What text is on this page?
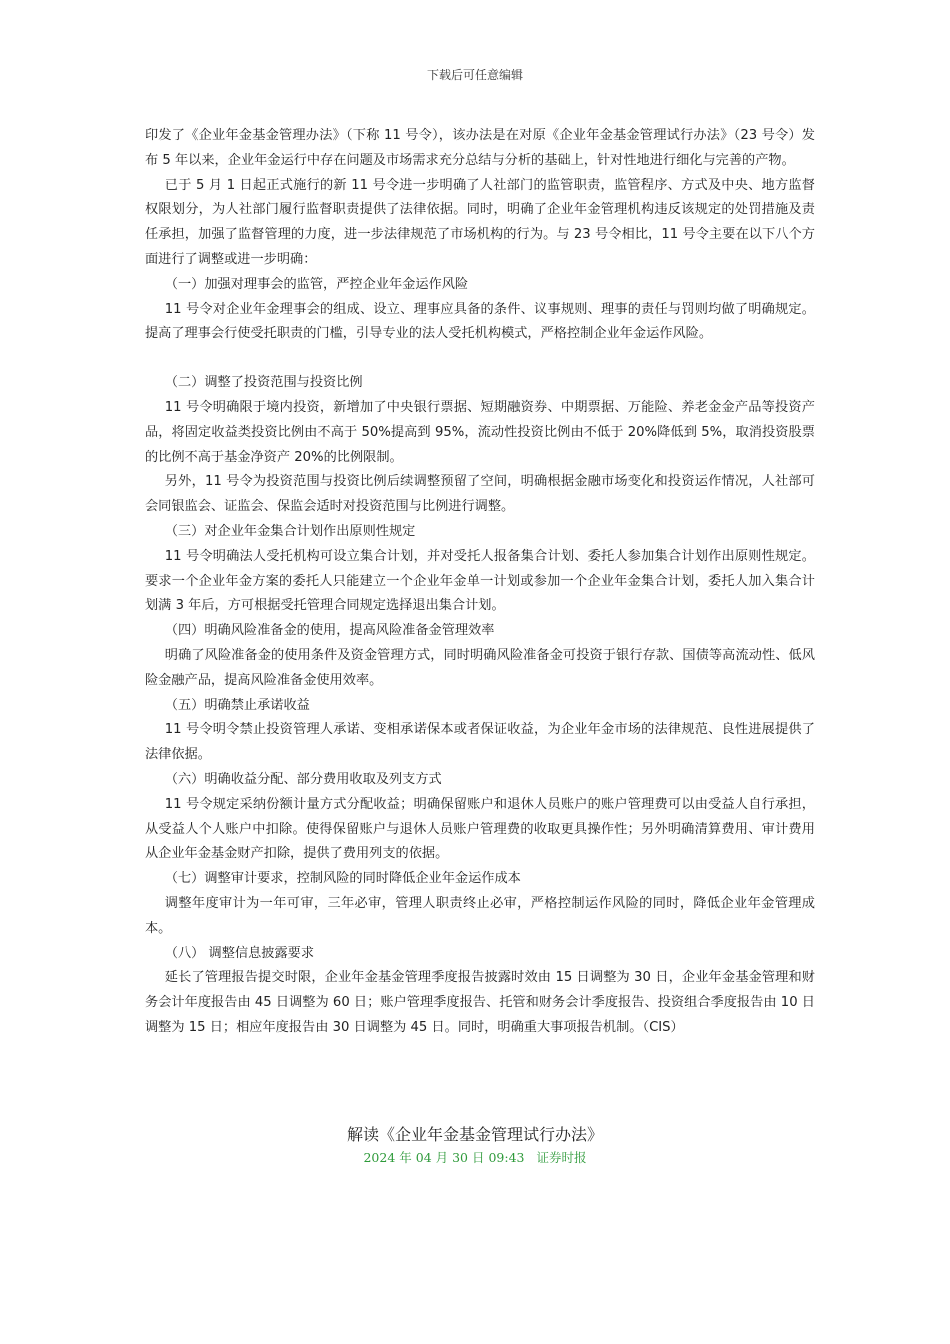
下载后可任意编辑

印发了《企业年金基金管理办法》（下称 11 号令），该办法是在对原《企业年金基金管理试行办法》（23 号令）发布 5 年以来，企业年金运行中存在问题及市场需求充分总结与分析的基础上，针对性地进行细化与完善的产物。

已于 5 月 1 日起正式施行的新 11 号令进一步明确了人社部门的监管职责，监管程序、方式及中央、地方监督权限划分，为人社部门履行监督职责提供了法律依据。同时，明确了企业年金管理机构违反该规定的处罚措施及责任承担，加强了监督管理的力度，进一步法律规范了市场机构的行为。与 23 号令相比，11 号令主要在以下八个方面进行了调整或进一步明确：

（一）加强对理事会的监管，严控企业年金运作风险

11 号令对企业年金理事会的组成、设立、理事应具备的条件、议事规则、理事的责任与罚则均做了明确规定。提高了理事会行使受托职责的门槛，引导专业的法人受托机构模式，严格控制企业年金运作风险。

（二）调整了投资范围与投资比例

11 号令明确限于境内投资，新增加了中央银行票据、短期融资券、中期票据、万能险、养老金金产品等投资产品，将固定收益类投资比例由不高于 50%提高到 95%，流动性投资比例由不低于 20%降低到 5%，取消投资股票的比例不高于基金净资产 20%的比例限制。

另外，11 号令为投资范围与投资比例后续调整预留了空间，明确根据金融市场变化和投资运作情况，人社部可会同银监会、证监会、保监会适时对投资范围与比例进行调整。

（三）对企业年金集合计划作出原则性规定

11 号令明确法人受托机构可设立集合计划，并对受托人报备集合计划、委托人参加集合计划作出原则性规定。要求一个企业年金方案的委托人只能建立一个企业年金单一计划或参加一个企业年金集合计划，委托人加入集合计划满 3 年后，方可根据受托管理合同规定选择退出集合计划。

（四）明确风险准备金的使用，提高风险准备金管理效率

明确了风险准备金的使用条件及资金管理方式，同时明确风险准备金可投资于银行存款、国债等高流动性、低风险金融产品，提高风险准备金使用效率。

（五）明确禁止承诺收益

11 号令明令禁止投资管理人承诺、变相承诺保本或者保证收益，为企业年金市场的法律规范、良性进展提供了法律依据。

（六）明确收益分配、部分费用收取及列支方式

11 号令规定采纳份额计量方式分配收益；明确保留账户和退休人员账户的账户管理费可以由受益人自行承担，从受益人个人账户中扣除。使得保留账户与退休人员账户管理费的收取更具操作性；另外明确清算费用、审计费用从企业年金基金财产扣除，提供了费用列支的依据。

（七）调整审计要求，控制风险的同时降低企业年金运作成本

调整年度审计为一年可审，三年必审，管理人职责终止必审，严格控制运作风险的同时，降低企业年金管理成本。

（八） 调整信息披露要求

延长了管理报告提交时限，企业年金基金管理季度报告披露时效由 15 日调整为 30 日，企业年金基金管理和财务会计年度报告由 45 日调整为 60 日；账户管理季度报告、托管和财务会计季度报告、投资组合季度报告由 10 日调整为 15 日；相应年度报告由 30 日调整为 45 日。同时，明确重大事项报告机制。（CIS）

解读《企业年金基金管理试行办法》
2024 年 04 月 30 日 09:43 证券时报
